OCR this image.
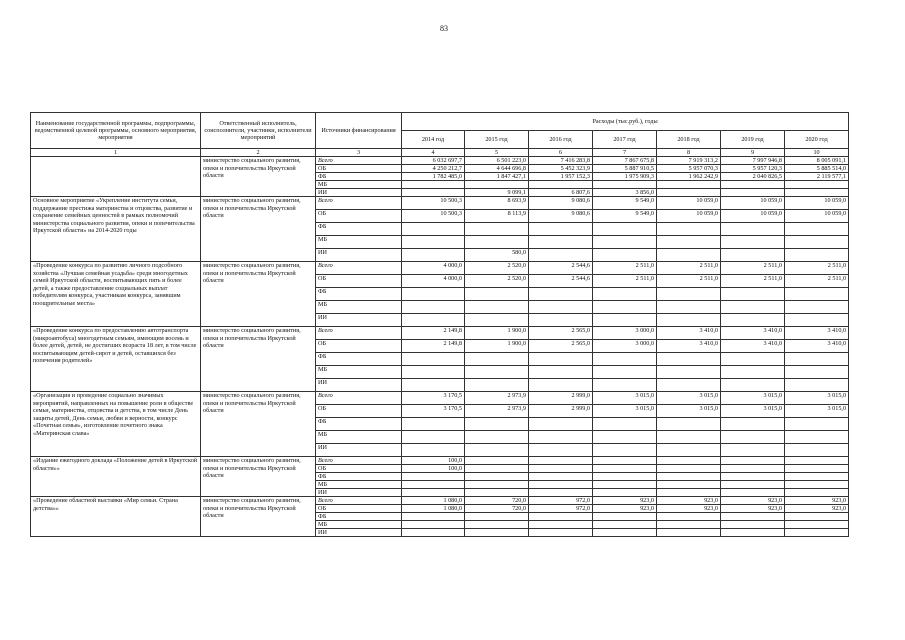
83
Наименование государственной программы, подпрограммы, ведомственной целевой программы, основного мероприятия, мероприятия	Ответственный исполнитель, соисполнители, участники, исполнители мероприятий	Источники финансирования	Расходы (тыс.руб.), годы						
			2014 год	2015 год	2016 год	2017 год	2018 год	2019 год	2020 год
1	2	3	4	5	6	7	8	9	10
	министерство социального развития, опеки и попечительства Иркутской области	Всего	6 032 697,7	6 501 223,0	7 416 283,8	7 867 675,8	7 919 313,2	7 997 946,8	8 005 091,1
		ОБ	4 250 212,7	4 644 696,8	5 452 323,9	5 887 910,5	5 957 070,3	5 957 120,3	5 885 514,0
		ФБ	1 782 485,0	1 847 427,1	1 957 152,3	1 975 909,3	1 962 242,9	2 040 826,5	2 119 577,1
		МБ							
		ИИ		9 099,1	6 807,6	3 856,0			
Основное мероприятие «Укрепление института семьи, поддержание престижа материнства и отцовства, развитие и сохранение семейных ценностей в рамках полномочий министерства социального развития, опеки и попечительства Иркутской области» на 2014-2020 годы	министерство социального развития, опеки и попечительства Иркутской области	Всего	10 500,3	8 693,9	9 080,6	9 549,0	10 059,0	10 059,0	10 059,0
		ОБ	10 500,3	8 113,9	9 080,6	9 549,0	10 059,0	10 059,0	10 059,0
		ФБ							
		МБ							
		ИИ		580,0					
«Проведение конкурса по развитию личного подсобного хозяйства «Лучшая семейная усадьба» среди многодетных семей Иркутской области, воспитывающих пять и более детей, а также предоставление социальных выплат победителям конкурса, участникам конкурса, занявшим поощрительные места»	министерство социального развития, опеки и попечительства Иркутской области	Всего	4 000,0	2 520,0	2 544,6	2 511,0	2 511,0	2 511,0	2 511,0
		ОБ	4 000,0	2 520,0	2 544,6	2 511,0	2 511,0	2 511,0	2 511,0
		ФБ							
		МБ							
		ИИ							
«Проведение конкурса по предоставлению автотранспорта (микроавтобуса) многодетным семьям, имеющим восемь и более детей, детей, не достигших возраста 18 лет, в том числе воспитывающим детей-сирот и детей, оставшихся без попечения родителей»	министерство социального развития, опеки и попечительства Иркутской области	Всего	2 149,8	1 900,0	2 565,0	3 000,0	3 410,0	3 410,0	3 410,0
		ОБ	2 149,8	1 900,0	2 565,0	3 000,0	3 410,0	3 410,0	3 410,0
		ФБ							
		МБ							
		ИИ							
«Организация и проведение социально значимых мероприятий, направленных на повышение роли в обществе семьи, материнства, отцовства и детства, в том числе День защиты детей, День семьи, любви и верности, конкурс «Почетная семья», изготовление почетного знака «Материнская слава»	министерство социального развития, опеки и попечительства Иркутской области	Всего	3 170,5	2 973,9	2 999,0	3 015,0	3 015,0	3 015,0	3 015,0
		ОБ	3 170,5	2 973,9	2 999,0	3 015,0	3 015,0	3 015,0	3 015,0
		ФБ							
		МБ							
		ИИ							
«Издание ежегодного доклада «Положение детей в Иркутской области»»	министерство социального развития, опеки и попечительства Иркутской области	Всего	100,0						
		ОБ	100,0						
		ФБ							
		МБ							
		ИИ							
«Проведение областной выставки «Мир семьи. Страна детства»»	министерство социального развития, опеки и попечительства Иркутской области	Всего	1 080,0	720,0	972,0	923,0	923,0	923,0	923,0
		ОБ	1 080,0	720,0	972,0	923,0	923,0	923,0	923,0
		ФБ							
		МБ							
		ИИ							
